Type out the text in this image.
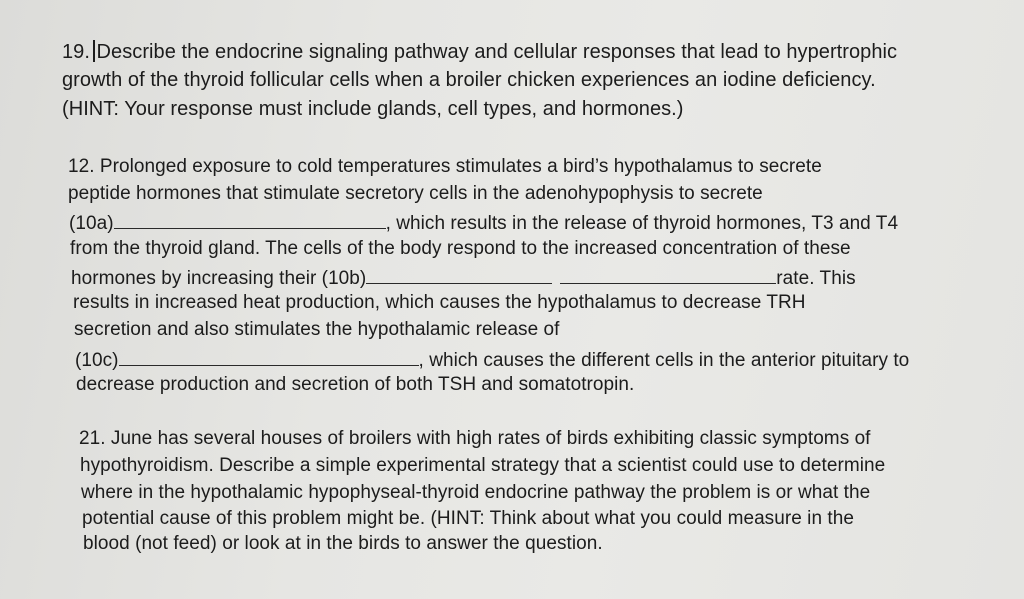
19. Describe the endocrine signaling pathway and cellular responses that lead to hypertrophic
growth of the thyroid follicular cells when a broiler chicken experiences an iodine deficiency.
(HINT: Your response must include glands, cell types, and hormones.)
12. Prolonged exposure to cold temperatures stimulates a bird’s hypothalamus to secrete
peptide hormones that stimulate secretory cells in the adenohypophysis to secrete
(10a)	, which results in the release of thyroid hormones, T3 and T4
from the thyroid gland. The cells of the body respond to the increased concentration of these
hormones by increasing their (10b)	rate. This
results in increased heat production, which causes the hypothalamus to decrease TRH
secretion and also stimulates the hypothalamic release of
(10c)	, which causes the different cells in the anterior pituitary to
decrease production and secretion of both TSH and somatotropin.
21. June has several houses of broilers with high rates of birds exhibiting classic symptoms of
hypothyroidism. Describe a simple experimental strategy that a scientist could use to determine
where in the hypothalamic hypophyseal-thyroid endocrine pathway the problem is or what the
potential cause of this problem might be. (HINT: Think about what you could measure in the
blood (not feed) or look at in the birds to answer the question.
